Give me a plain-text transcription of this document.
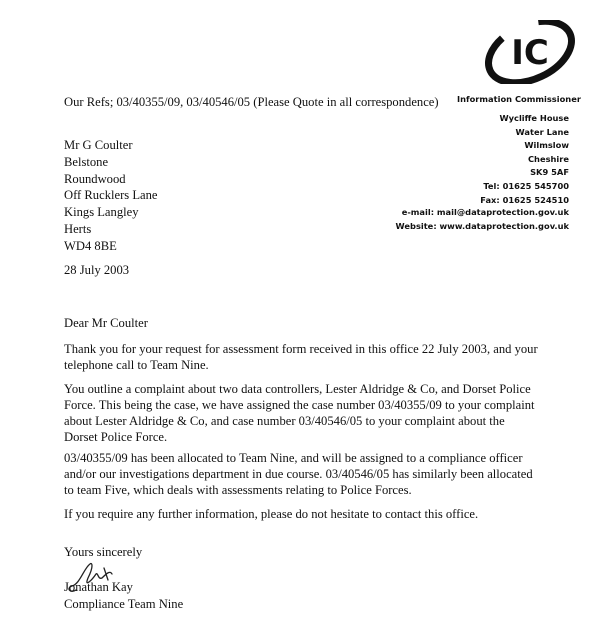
IC
Our Refs; 03/40355/09, 03/40546/05 (Please Quote in all correspondence) Information Commissioner
Wycliffe House
Water Lane
Wilmslow
Cheshire
SK9 5AF
Tel: 01625 545700
Fax: 01625 524510
e-mail: mail@dataprotection.gov.uk
Website: www.dataprotection.gov.uk
Mr G Coulter
Belstone
Roundwood
Off Rucklers Lane
Kings Langley
Herts
WD4 8BE
28 July 2003
Dear Mr Coulter
Thank you for your request for assessment form received in this office 22 July 2003, and your
telephone call to Team Nine.
You outline a complaint about two data controllers, Lester Aldridge & Co, and Dorset Police
Force. This being the case, we have assigned the case number 03/40355/09 to your complaint
about Lester Aldridge & Co, and case number 03/40546/05 to your complaint about the
Dorset Police Force.
03/40355/09 has been allocated to Team Nine, and will be assigned to a compliance officer
and/or our investigations department in due course. 03/40546/05 has similarly been allocated
to team Five, which deals with assessments relating to Police Forces.
If you require any further information, please do not hesitate to contact this office.
Yours sincerely
Jonathan Kay
Compliance Team Nine
